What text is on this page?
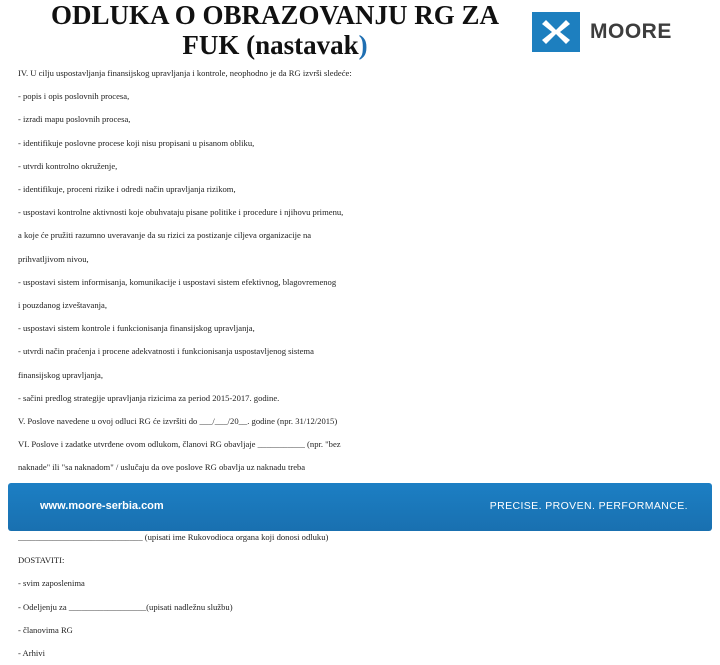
ODLUKA O OBRAZOVANJU RG ZA
FUK (nastavak)	MOORE

IV. U cilju uspostavljanja finansijskog upravljanja i kontrole, neophodno je da RG izvrši sledeće:

- popis i opis poslovnih procesa,

- izradi mapu poslovnih procesa,

- identifikuje poslovne procese koji nisu propisani u pisanom obliku,

- utvrdi kontrolno okruženje,

- identifikuje, proceni rizike i odredi način upravljanja rizikom,

- uspostavi kontrolne aktivnosti koje obuhvataju pisane politike i procedure i njihovu primenu,

a koje će pružiti razumno uveravanje da su rizici za postizanje ciljeva organizacije na

prihvatljivom nivou,

- uspostavi sistem informisanja, komunikacije i uspostavi sistem efektivnog, blagovremenog

i pouzdanog izveštavanja,

- uspostavi sistem kontrole i funkcionisanja finansijskog upravljanja,

- utvrdi način praćenja i procene adekvatnosti i funkcionisanja uspostavljenog sistema

finansijskog upravljanja,

- sačini predlog strategije upravljanja rizicima za period 2015-2017. godine.

V. Poslove navedene u ovoj odluci RG će izvršiti do ___/___/20__. godine (npr. 31/12/2015)

VI. Poslove i zadatke utvrđene ovom odlukom, članovi RG obavljaje ___________ (npr. "bez

naknade" ili "sa naknadom" / uslučaju da ove poslove RG obavlja uz naknadu treba

_____________________________ (upisati ime Rukovodioca organa koji donosi odluku)

DOSTAVITI:

- svim zaposlenima

- Odeljenju za __________________(upisati nadležnu službu)

- članovima RG

- Arhivi

www.moore-serbia.com	PRECISE. PROVEN. PERFORMANCE.
